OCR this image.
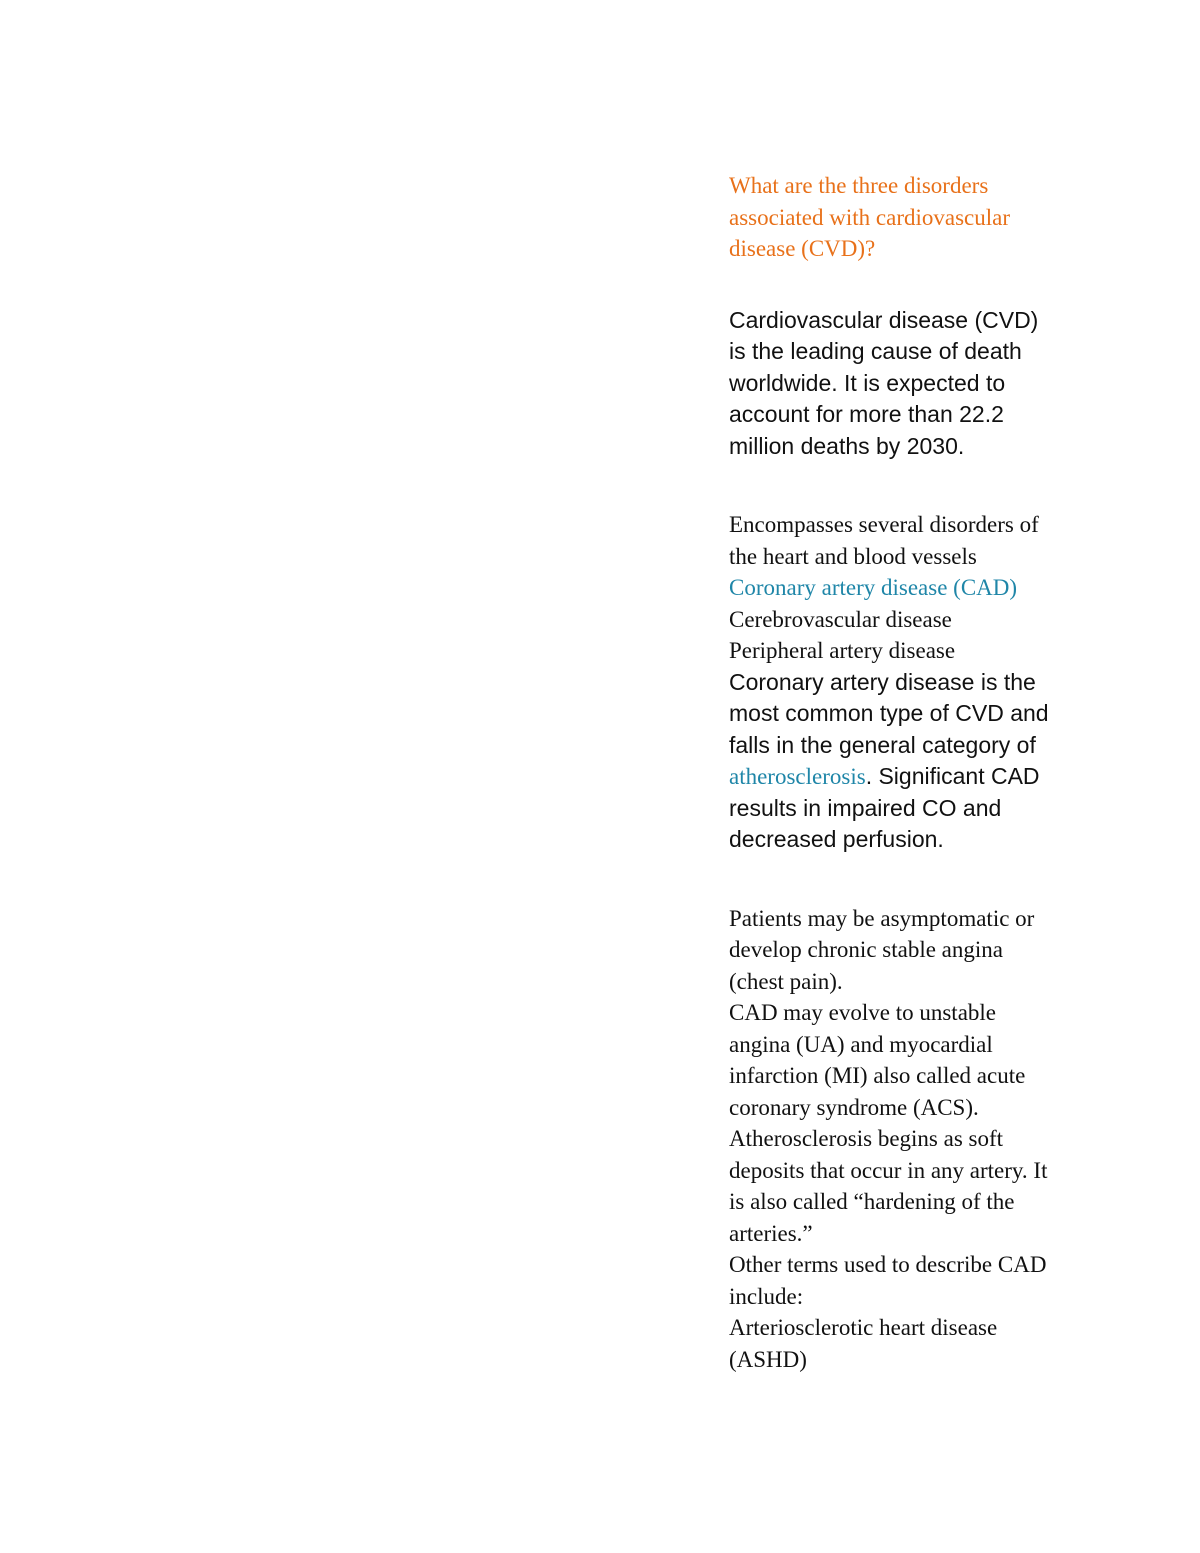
What are the three disorders
associated with cardiovascular
disease (CVD)?

Cardiovascular disease (CVD)
is the leading cause of death
worldwide. It is expected to
account for more than 22.2
million deaths by 2030.

Encompasses several disorders of
the heart and blood vessels
Coronary artery disease (CAD)
Cerebrovascular disease
Peripheral artery disease
Coronary artery disease is the
most common type of CVD and
falls in the general category of
atherosclerosis. Significant CAD
results in impaired CO and
decreased perfusion.

Patients may be asymptomatic or
develop chronic stable angina
(chest pain).
CAD may evolve to unstable
angina (UA) and myocardial
infarction (MI) also called acute
coronary syndrome (ACS).
Atherosclerosis begins as soft
deposits that occur in any artery. It
is also called “hardening of the
arteries.”
Other terms used to describe CAD
include:
Arteriosclerotic heart disease
(ASHD)
